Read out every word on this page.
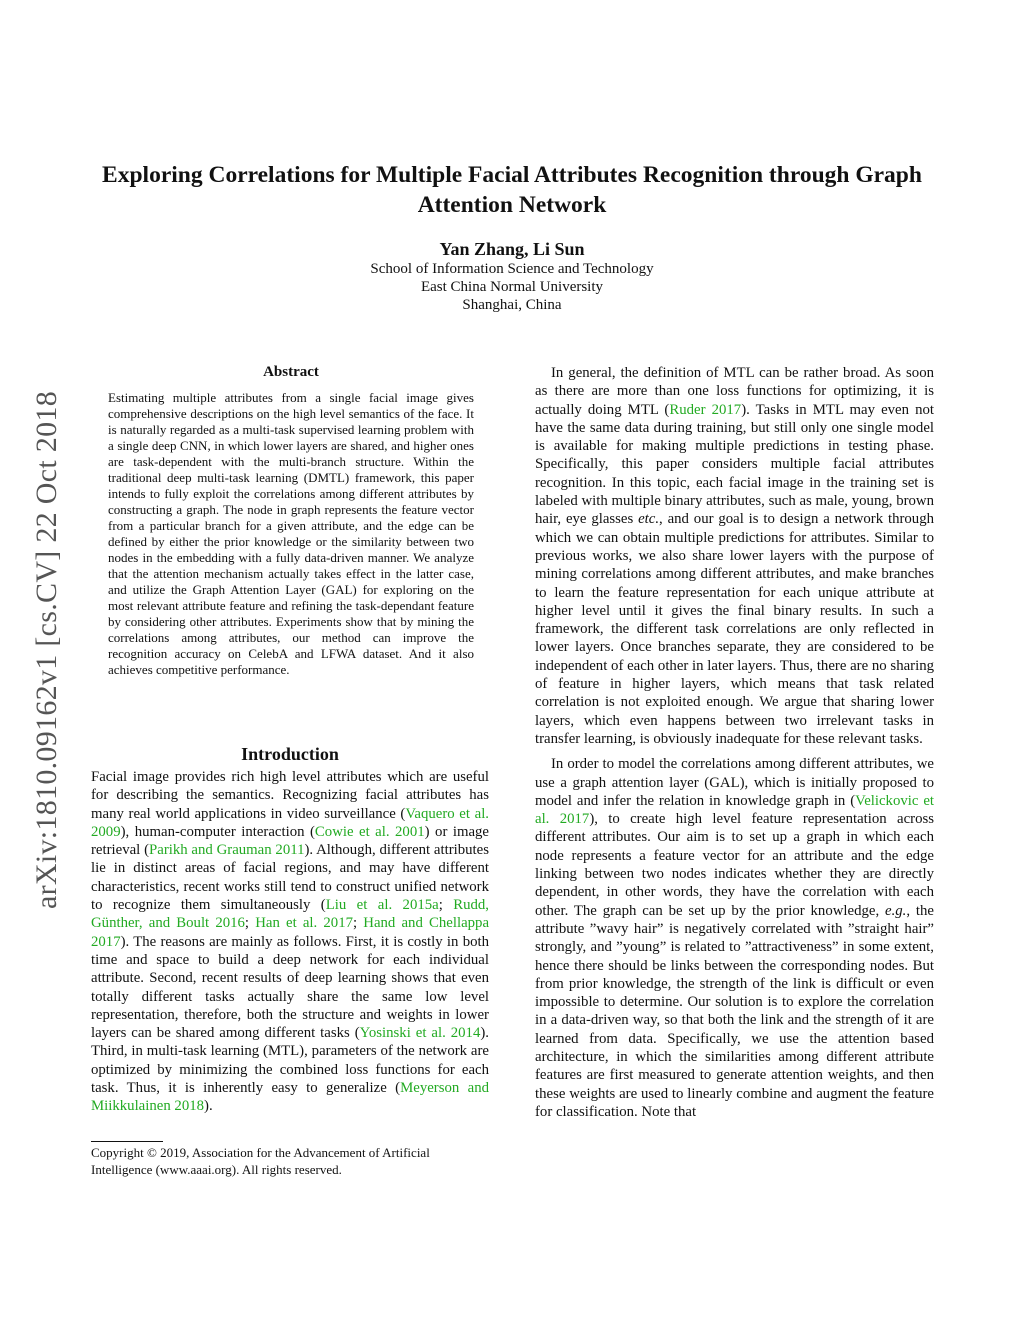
arXiv:1810.09162v1 [cs.CV] 22 Oct 2018
Exploring Correlations for Multiple Facial Attributes Recognition through Graph Attention Network
Yan Zhang, Li Sun
School of Information Science and Technology
East China Normal University
Shanghai, China
Abstract

Estimating multiple attributes from a single facial image gives comprehensive descriptions on the high level semantics of the face. It is naturally regarded as a multi-task supervised learning problem with a single deep CNN, in which lower layers are shared, and higher ones are task-dependent with the multi-branch structure. Within the traditional deep multi-task learning (DMTL) framework, this paper intends to fully exploit the correlations among different attributes by constructing a graph. The node in graph represents the feature vector from a particular branch for a given attribute, and the edge can be defined by either the prior knowledge or the similarity between two nodes in the embedding with a fully data-driven manner. We analyze that the attention mechanism actually takes effect in the latter case, and utilize the Graph Attention Layer (GAL) for exploring on the most relevant attribute feature and refining the task-dependant feature by considering other attributes. Experiments show that by mining the correlations among attributes, our method can improve the recognition accuracy on CelebA and LFWA dataset. And it also achieves competitive performance.

Introduction

Facial image provides rich high level attributes which are useful for describing the semantics. Recognizing facial attributes has many real world applications in video surveillance (Vaquero et al. 2009), human-computer interaction (Cowie et al. 2001) or image retrieval (Parikh and Grauman 2011). Although, different attributes lie in distinct areas of facial regions, and may have different characteristics, recent works still tend to construct unified network to recognize them simultaneously (Liu et al. 2015a; Rudd, Günther, and Boult 2016; Han et al. 2017; Hand and Chellappa 2017). The reasons are mainly as follows. First, it is costly in both time and space to build a deep network for each individual attribute. Second, recent results of deep learning shows that even totally different tasks actually share the same low level representation, therefore, both the structure and weights in lower layers can be shared among different tasks (Yosinski et al. 2014). Third, in multi-task learning (MTL), parameters of the network are optimized by minimizing the combined loss functions for each task. Thus, it is inherently easy to generalize (Meyerson and Miikkulainen 2018).

Copyright © 2019, Association for the Advancement of Artificial Intelligence (www.aaai.org). All rights reserved.

In general, the definition of MTL can be rather broad. As soon as there are more than one loss functions for optimizing, it is actually doing MTL (Ruder 2017). Tasks in MTL may even not have the same data during training, but still only one single model is available for making multiple predictions in testing phase. Specifically, this paper considers multiple facial attributes recognition. In this topic, each facial image in the training set is labeled with multiple binary attributes, such as male, young, brown hair, eye glasses etc., and our goal is to design a network through which we can obtain multiple predictions for attributes. Similar to previous works, we also share lower layers with the purpose of mining correlations among different attributes, and make branches to learn the feature representation for each unique attribute at higher level until it gives the final binary results. In such a framework, the different task correlations are only reflected in lower layers. Once branches separate, they are considered to be independent of each other in later layers. Thus, there are no sharing of feature in higher layers, which means that task related correlation is not exploited enough. We argue that sharing lower layers, which even happens between two irrelevant tasks in transfer learning, is obviously inadequate for these relevant tasks.

In order to model the correlations among different attributes, we use a graph attention layer (GAL), which is initially proposed to model and infer the relation in knowledge graph in (Velickovic et al. 2017), to create high level feature representation across different attributes. Our aim is to set up a graph in which each node represents a feature vector for an attribute and the edge linking between two nodes indicates whether they are directly dependent, in other words, they have the correlation with each other. The graph can be set up by the prior knowledge, e.g., the attribute ”wavy hair” is negatively correlated with ”straight hair” strongly, and ”young” is related to ”attractiveness” in some extent, hence there should be links between the corresponding nodes. But from prior knowledge, the strength of the link is difficult or even impossible to determine. Our solution is to explore the correlation in a data-driven way, so that both the link and the strength of it are learned from data. Specifically, we use the attention based architecture, in which the similarities among different attribute features are first measured to generate attention weights, and then these weights are used to linearly combine and augment the feature for classification. Note that
